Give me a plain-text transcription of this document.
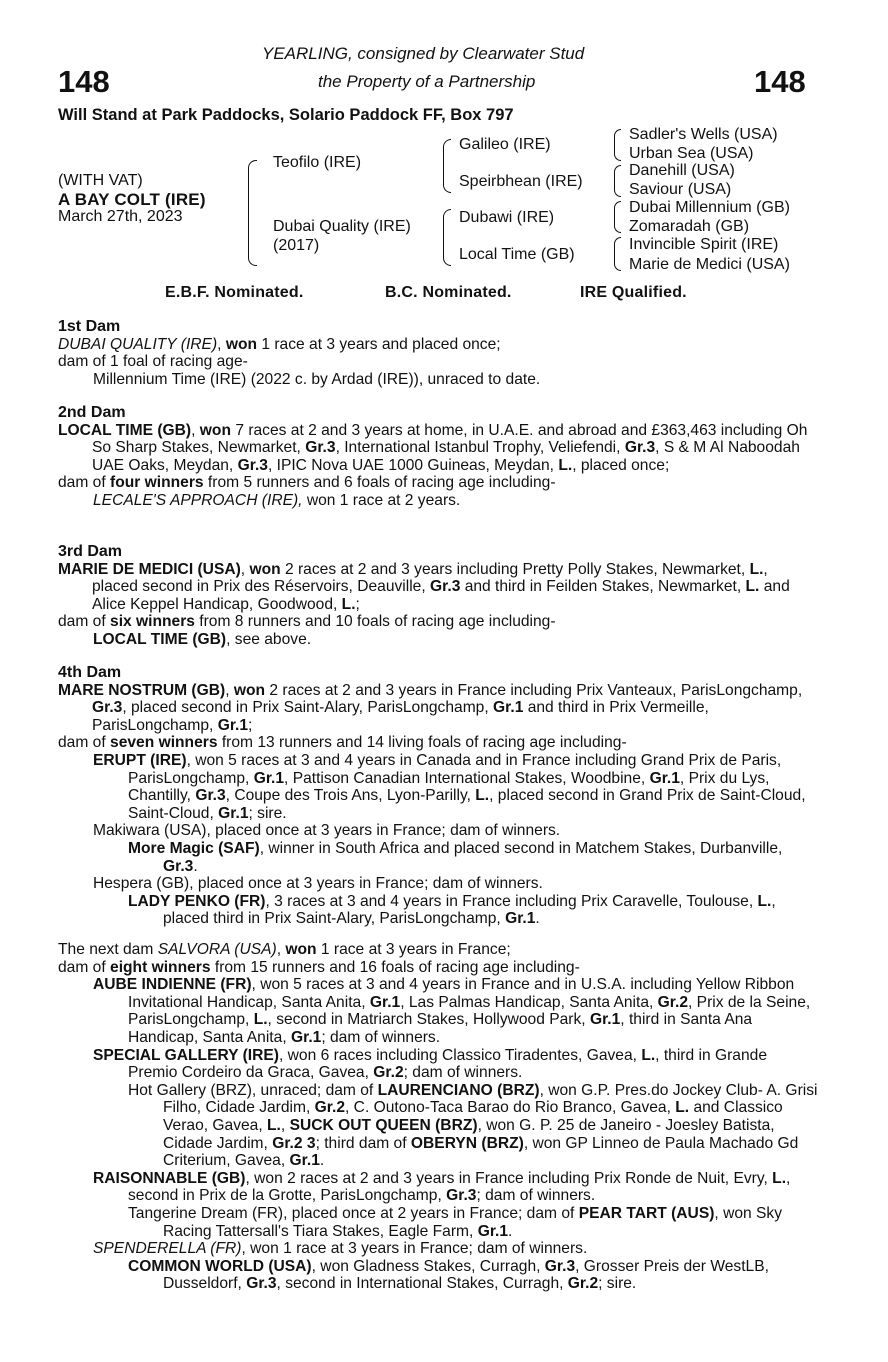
YEARLING, consigned by Clearwater Stud
the Property of a Partnership
148	148
Will Stand at Park Paddocks, Solario Paddock FF, Box 797
(WITH VAT)
A BAY COLT (IRE)
March 27th, 2023
Teofilo (IRE)
Dubai Quality (IRE)
(2017)
Galileo (IRE)
Speirbhean (IRE)
Dubawi (IRE)
Local Time (GB)
Sadler's Wells (USA)
Urban Sea (USA)
Danehill (USA)
Saviour (USA)
Dubai Millennium (GB)
Zomaradah (GB)
Invincible Spirit (IRE)
Marie de Medici (USA)
E.B.F. Nominated.	B.C. Nominated.	IRE Qualified.

1st Dam

DUBAI QUALITY (IRE), won 1 race at 3 years and placed once;

dam of 1 foal of racing age-

Millennium Time (IRE) (2022 c. by Ardad (IRE)), unraced to date.

2nd Dam

LOCAL TIME (GB), won 7 races at 2 and 3 years at home, in U.A.E. and abroad and £363,463 including Oh So Sharp Stakes, Newmarket, Gr.3, International Istanbul Trophy, Veliefendi, Gr.3, S & M Al Naboodah UAE Oaks, Meydan, Gr.3, IPIC Nova UAE 1000 Guineas, Meydan, L., placed once;

dam of four winners from 5 runners and 6 foals of racing age including-

LECALE'S APPROACH (IRE), won 1 race at 2 years.

3rd Dam

MARIE DE MEDICI (USA), won 2 races at 2 and 3 years including Pretty Polly Stakes, Newmarket, L., placed second in Prix des Réservoirs, Deauville, Gr.3 and third in Feilden Stakes, Newmarket, L. and Alice Keppel Handicap, Goodwood, L.;

dam of six winners from 8 runners and 10 foals of racing age including-

LOCAL TIME (GB), see above.

4th Dam

MARE NOSTRUM (GB), won 2 races at 2 and 3 years in France including Prix Vanteaux, ParisLongchamp, Gr.3, placed second in Prix Saint-Alary, ParisLongchamp, Gr.1 and third in Prix Vermeille, ParisLongchamp, Gr.1;

dam of seven winners from 13 runners and 14 living foals of racing age including-

ERUPT (IRE), won 5 races at 3 and 4 years in Canada and in France including Grand Prix de Paris, ParisLongchamp, Gr.1, Pattison Canadian International Stakes, Woodbine, Gr.1, Prix du Lys, Chantilly, Gr.3, Coupe des Trois Ans, Lyon-Parilly, L., placed second in Grand Prix de Saint-Cloud, Saint-Cloud, Gr.1; sire.

Makiwara (USA), placed once at 3 years in France; dam of winners.

More Magic (SAF), winner in South Africa and placed second in Matchem Stakes, Durbanville, Gr.3.

Hespera (GB), placed once at 3 years in France; dam of winners.

LADY PENKO (FR), 3 races at 3 and 4 years in France including Prix Caravelle, Toulouse, L., placed third in Prix Saint-Alary, ParisLongchamp, Gr.1.

The next dam SALVORA (USA), won 1 race at 3 years in France;

dam of eight winners from 15 runners and 16 foals of racing age including-

AUBE INDIENNE (FR), won 5 races at 3 and 4 years in France and in U.S.A. including Yellow Ribbon Invitational Handicap, Santa Anita, Gr.1, Las Palmas Handicap, Santa Anita, Gr.2, Prix de la Seine, ParisLongchamp, L., second in Matriarch Stakes, Hollywood Park, Gr.1, third in Santa Ana Handicap, Santa Anita, Gr.1; dam of winners.

SPECIAL GALLERY (IRE), won 6 races including Classico Tiradentes, Gavea, L., third in Grande Premio Cordeiro da Graca, Gavea, Gr.2; dam of winners.

Hot Gallery (BRZ), unraced; dam of LAURENCIANO (BRZ), won G.P. Pres.do Jockey Club- A. Grisi Filho, Cidade Jardim, Gr.2, C. Outono-Taca Barao do Rio Branco, Gavea, L. and Classico Verao, Gavea, L., SUCK OUT QUEEN (BRZ), won G. P. 25 de Janeiro - Joesley Batista, Cidade Jardim, Gr.2 3; third dam of OBERYN (BRZ), won GP Linneo de Paula Machado Gd Criterium, Gavea, Gr.1.

RAISONNABLE (GB), won 2 races at 2 and 3 years in France including Prix Ronde de Nuit, Evry, L., second in Prix de la Grotte, ParisLongchamp, Gr.3; dam of winners.

Tangerine Dream (FR), placed once at 2 years in France; dam of PEAR TART (AUS), won Sky Racing Tattersall's Tiara Stakes, Eagle Farm, Gr.1.

SPENDERELLA (FR), won 1 race at 3 years in France; dam of winners.

COMMON WORLD (USA), won Gladness Stakes, Curragh, Gr.3, Grosser Preis der WestLB, Dusseldorf, Gr.3, second in International Stakes, Curragh, Gr.2; sire.
